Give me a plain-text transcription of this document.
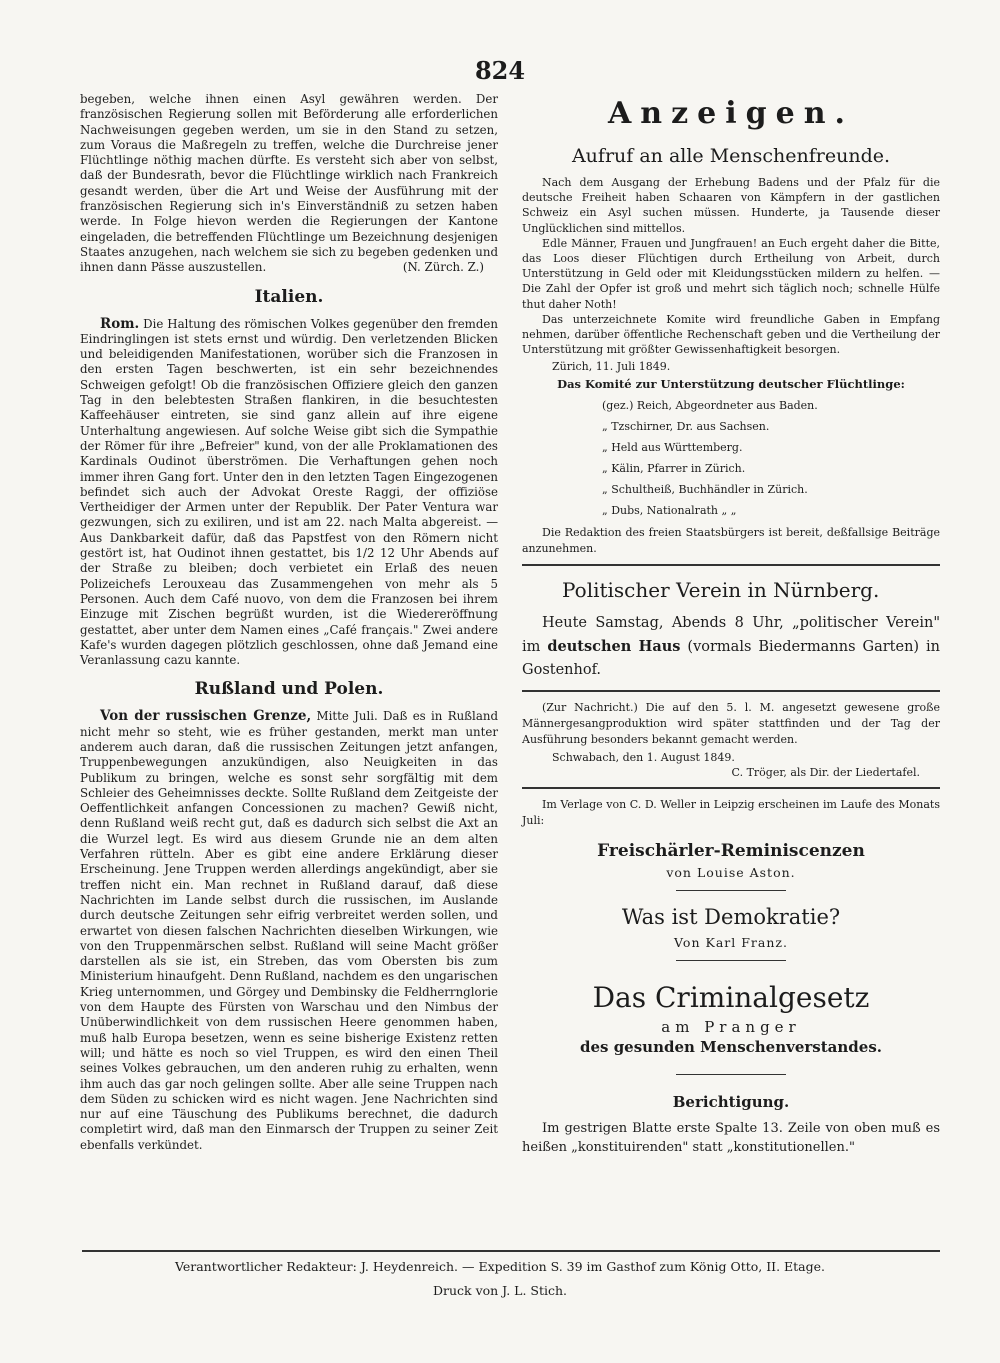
824

begeben, welche ihnen einen Asyl gewähren werden. Der französischen Regierung sollen mit Beförderung alle erforderlichen Nachweisungen gegeben werden, um sie in den Stand zu setzen, zum Voraus die Maßregeln zu treffen, welche die Durchreise jener Flüchtlinge nöthig machen dürfte. Es versteht sich aber von selbst, daß der Bundesrath, bevor die Flüchtlinge wirklich nach Frankreich gesandt werden, über die Art und Weise der Ausführung mit der französischen Regierung sich in's Einverständniß zu setzen haben werde. In Folge hievon werden die Regierungen der Kantone eingeladen, die betreffenden Flüchtlinge um Bezeichnung desjenigen Staates anzugehen, nach welchem sie sich zu begeben gedenken und ihnen dann Pässe auszustellen.	(N. Zürch. Z.)

Italien.

Rom. Die Haltung des römischen Volkes gegenüber den fremden Eindringlingen ist stets ernst und würdig. Den verletzenden Blicken und beleidigenden Manifestationen, worüber sich die Franzosen in den ersten Tagen beschwerten, ist ein sehr bezeichnendes Schweigen gefolgt! Ob die französischen Offiziere gleich den ganzen Tag in den belebtesten Straßen flankiren, in die besuchtesten Kaffeehäuser eintreten, sie sind ganz allein auf ihre eigene Unterhaltung angewiesen. Auf solche Weise gibt sich die Sympathie der Römer für ihre „Befreier" kund, von der alle Proklamationen des Kardinals Oudinot überströmen. Die Verhaftungen gehen noch immer ihren Gang fort. Unter den in den letzten Tagen Eingezogenen befindet sich auch der Advokat Oreste Raggi, der offiziöse Vertheidiger der Armen unter der Republik. Der Pater Ventura war gezwungen, sich zu exiliren, und ist am 22. nach Malta abgereist. — Aus Dankbarkeit dafür, daß das Papstfest von den Römern nicht gestört ist, hat Oudinot ihnen gestattet, bis 1/2 12 Uhr Abends auf der Straße zu bleiben; doch verbietet ein Erlaß des neuen Polizeichefs Lerouxeau das Zusammengehen von mehr als 5 Personen. Auch dem Café nuovo, von dem die Franzosen bei ihrem Einzuge mit Zischen begrüßt wurden, ist die Wiedereröffnung gestattet, aber unter dem Namen eines „Café français." Zwei andere Kafe's wurden dagegen plötzlich geschlossen, ohne daß Jemand eine Veranlassung cazu kannte.

Rußland und Polen.

Von der russischen Grenze, Mitte Juli. Daß es in Rußland nicht mehr so steht, wie es früher gestanden, merkt man unter anderem auch daran, daß die russischen Zeitungen jetzt anfangen, Truppenbewegungen anzukündigen, also Neuigkeiten in das Publikum zu bringen, welche es sonst sehr sorgfältig mit dem Schleier des Geheimnisses deckte. Sollte Rußland dem Zeitgeiste der Oeffentlichkeit anfangen Concessionen zu machen? Gewiß nicht, denn Rußland weiß recht gut, daß es dadurch sich selbst die Axt an die Wurzel legt. Es wird aus diesem Grunde nie an dem alten Verfahren rütteln. Aber es gibt eine andere Erklärung dieser Erscheinung. Jene Truppen werden allerdings angekündigt, aber sie treffen nicht ein. Man rechnet in Rußland darauf, daß diese Nachrichten im Lande selbst durch die russischen, im Auslande durch deutsche Zeitungen sehr eifrig verbreitet werden sollen, und erwartet von diesen falschen Nachrichten dieselben Wirkungen, wie von den Truppenmärschen selbst. Rußland will seine Macht größer darstellen als sie ist, ein Streben, das vom Obersten bis zum Ministerium hinaufgeht. Denn Rußland, nachdem es den ungarischen Krieg unternommen, und Görgey und Dembinsky die Feldherrnglorie von dem Haupte des Fürsten von Warschau und den Nimbus der Unüberwindlichkeit von dem russischen Heere genommen haben, muß halb Europa besetzen, wenn es seine bisherige Existenz retten will; und hätte es noch so viel Truppen, es wird den einen Theil seines Volkes gebrauchen, um den anderen ruhig zu erhalten, wenn ihm auch das gar noch gelingen sollte. Aber alle seine Truppen nach dem Süden zu schicken wird es nicht wagen. Jene Nachrichten sind nur auf eine Täuschung des Publikums berechnet, die dadurch completirt wird, daß man den Einmarsch der Truppen zu seiner Zeit ebenfalls verkündet.

Anzeigen.
Aufruf an alle Menschenfreunde.

Nach dem Ausgang der Erhebung Badens und der Pfalz für die deutsche Freiheit haben Schaaren von Kämpfern in der gastlichen Schweiz ein Asyl suchen müssen. Hunderte, ja Tausende dieser Unglücklichen sind mittellos.

Edle Männer, Frauen und Jungfrauen! an Euch ergeht daher die Bitte, das Loos dieser Flüchtigen durch Ertheilung von Arbeit, durch Unterstützung in Geld oder mit Kleidungsstücken mildern zu helfen. — Die Zahl der Opfer ist groß und mehrt sich täglich noch; schnelle Hülfe thut daher Noth!

Das unterzeichnete Komite wird freundliche Gaben in Empfang nehmen, darüber öffentliche Rechenschaft geben und die Vertheilung der Unterstützung mit größter Gewissenhaftigkeit besorgen.

Zürich, 11. Juli 1849.
Das Komité zur Unterstützung deutscher Flüchtlinge:
(gez.) Reich, Abgeordneter aus Baden.
„ Tzschirner, Dr. aus Sachsen.
„ Held aus Württemberg.
„ Kälin, Pfarrer in Zürich.
„ Schultheiß, Buchhändler in Zürich.
„ Dubs, Nationalrath „ „

Die Redaktion des freien Staatsbürgers ist bereit, deßfallsige Beiträge anzunehmen.

Politischer Verein in Nürnberg.

Heute Samstag, Abends 8 Uhr, „politischer Verein" im deutschen Haus (vormals Biedermanns Garten) in Gostenhof.

(Zur Nachricht.) Die auf den 5. l. M. angesetzt gewesene große Männergesangproduktion wird später stattfinden und der Tag der Ausführung besonders bekannt gemacht werden.

Schwabach, den 1. August 1849.
C. Tröger, als Dir. der Liedertafel.

Im Verlage von C. D. Weller in Leipzig erscheinen im Laufe des Monats Juli:

Freischärler-Reminiscenzen
von Louise Aston.
Was ist Demokratie?
Von Karl Franz.
Das Criminalgesetz
am Pranger
des gesunden Menschenverstandes.
Berichtigung.

Im gestrigen Blatte erste Spalte 13. Zeile von oben muß es heißen „konstituirenden" statt „konstitutionellen."

Verantwortlicher Redakteur: J. Heydenreich. — Expedition S. 39 im Gasthof zum König Otto, II. Etage.
Druck von J. L. Stich.
